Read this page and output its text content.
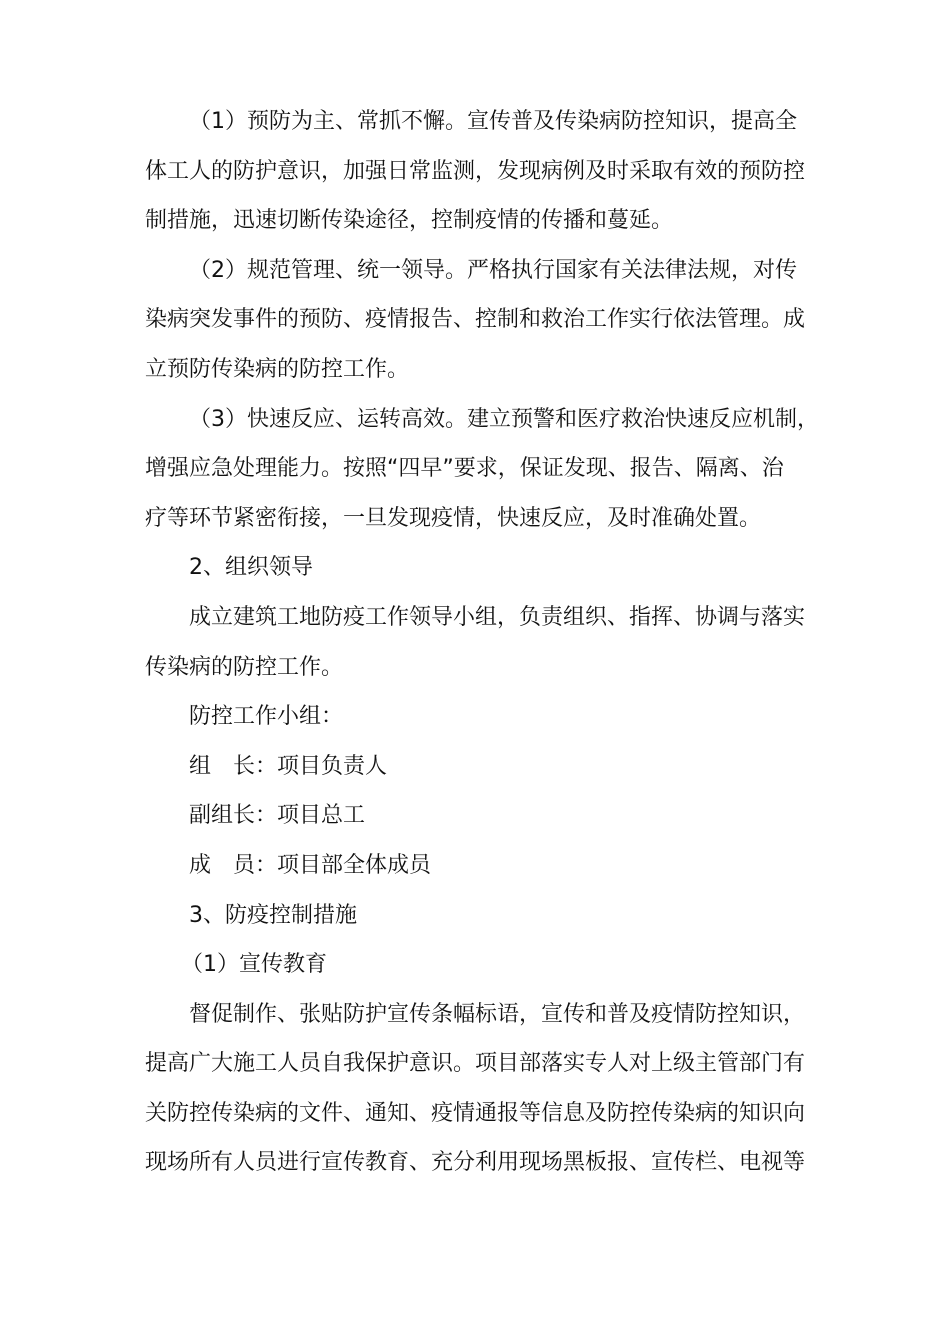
（1）预防为主、常抓不懈。宣传普及传染病防控知识，提高全
体工人的防护意识，加强日常监测，发现病例及时采取有效的预防控
制措施，迅速切断传染途径，控制疫情的传播和蔓延。
（2）规范管理、统一领导。严格执行国家有关法律法规，对传
染病突发事件的预防、疫情报告、控制和救治工作实行依法管理。成
立预防传染病的防控工作。
（3）快速反应、运转高效。建立预警和医疗救治快速反应机制，
增强应急处理能力。按照“四早”要求，保证发现、报告、隔离、治
疗等环节紧密衔接，一旦发现疫情，快速反应，及时准确处置。
2、组织领导
成立建筑工地防疫工作领导小组，负责组织、指挥、协调与落实
传染病的防控工作。
防控工作小组：
组　长：项目负责人
副组长：项目总工
成　员：项目部全体成员
3、防疫控制措施
（1）宣传教育
督促制作、张贴防护宣传条幅标语，宣传和普及疫情防控知识，
提高广大施工人员自我保护意识。项目部落实专人对上级主管部门有
关防控传染病的文件、通知、疫情通报等信息及防控传染病的知识向
现场所有人员进行宣传教育、充分利用现场黑板报、宣传栏、电视等
